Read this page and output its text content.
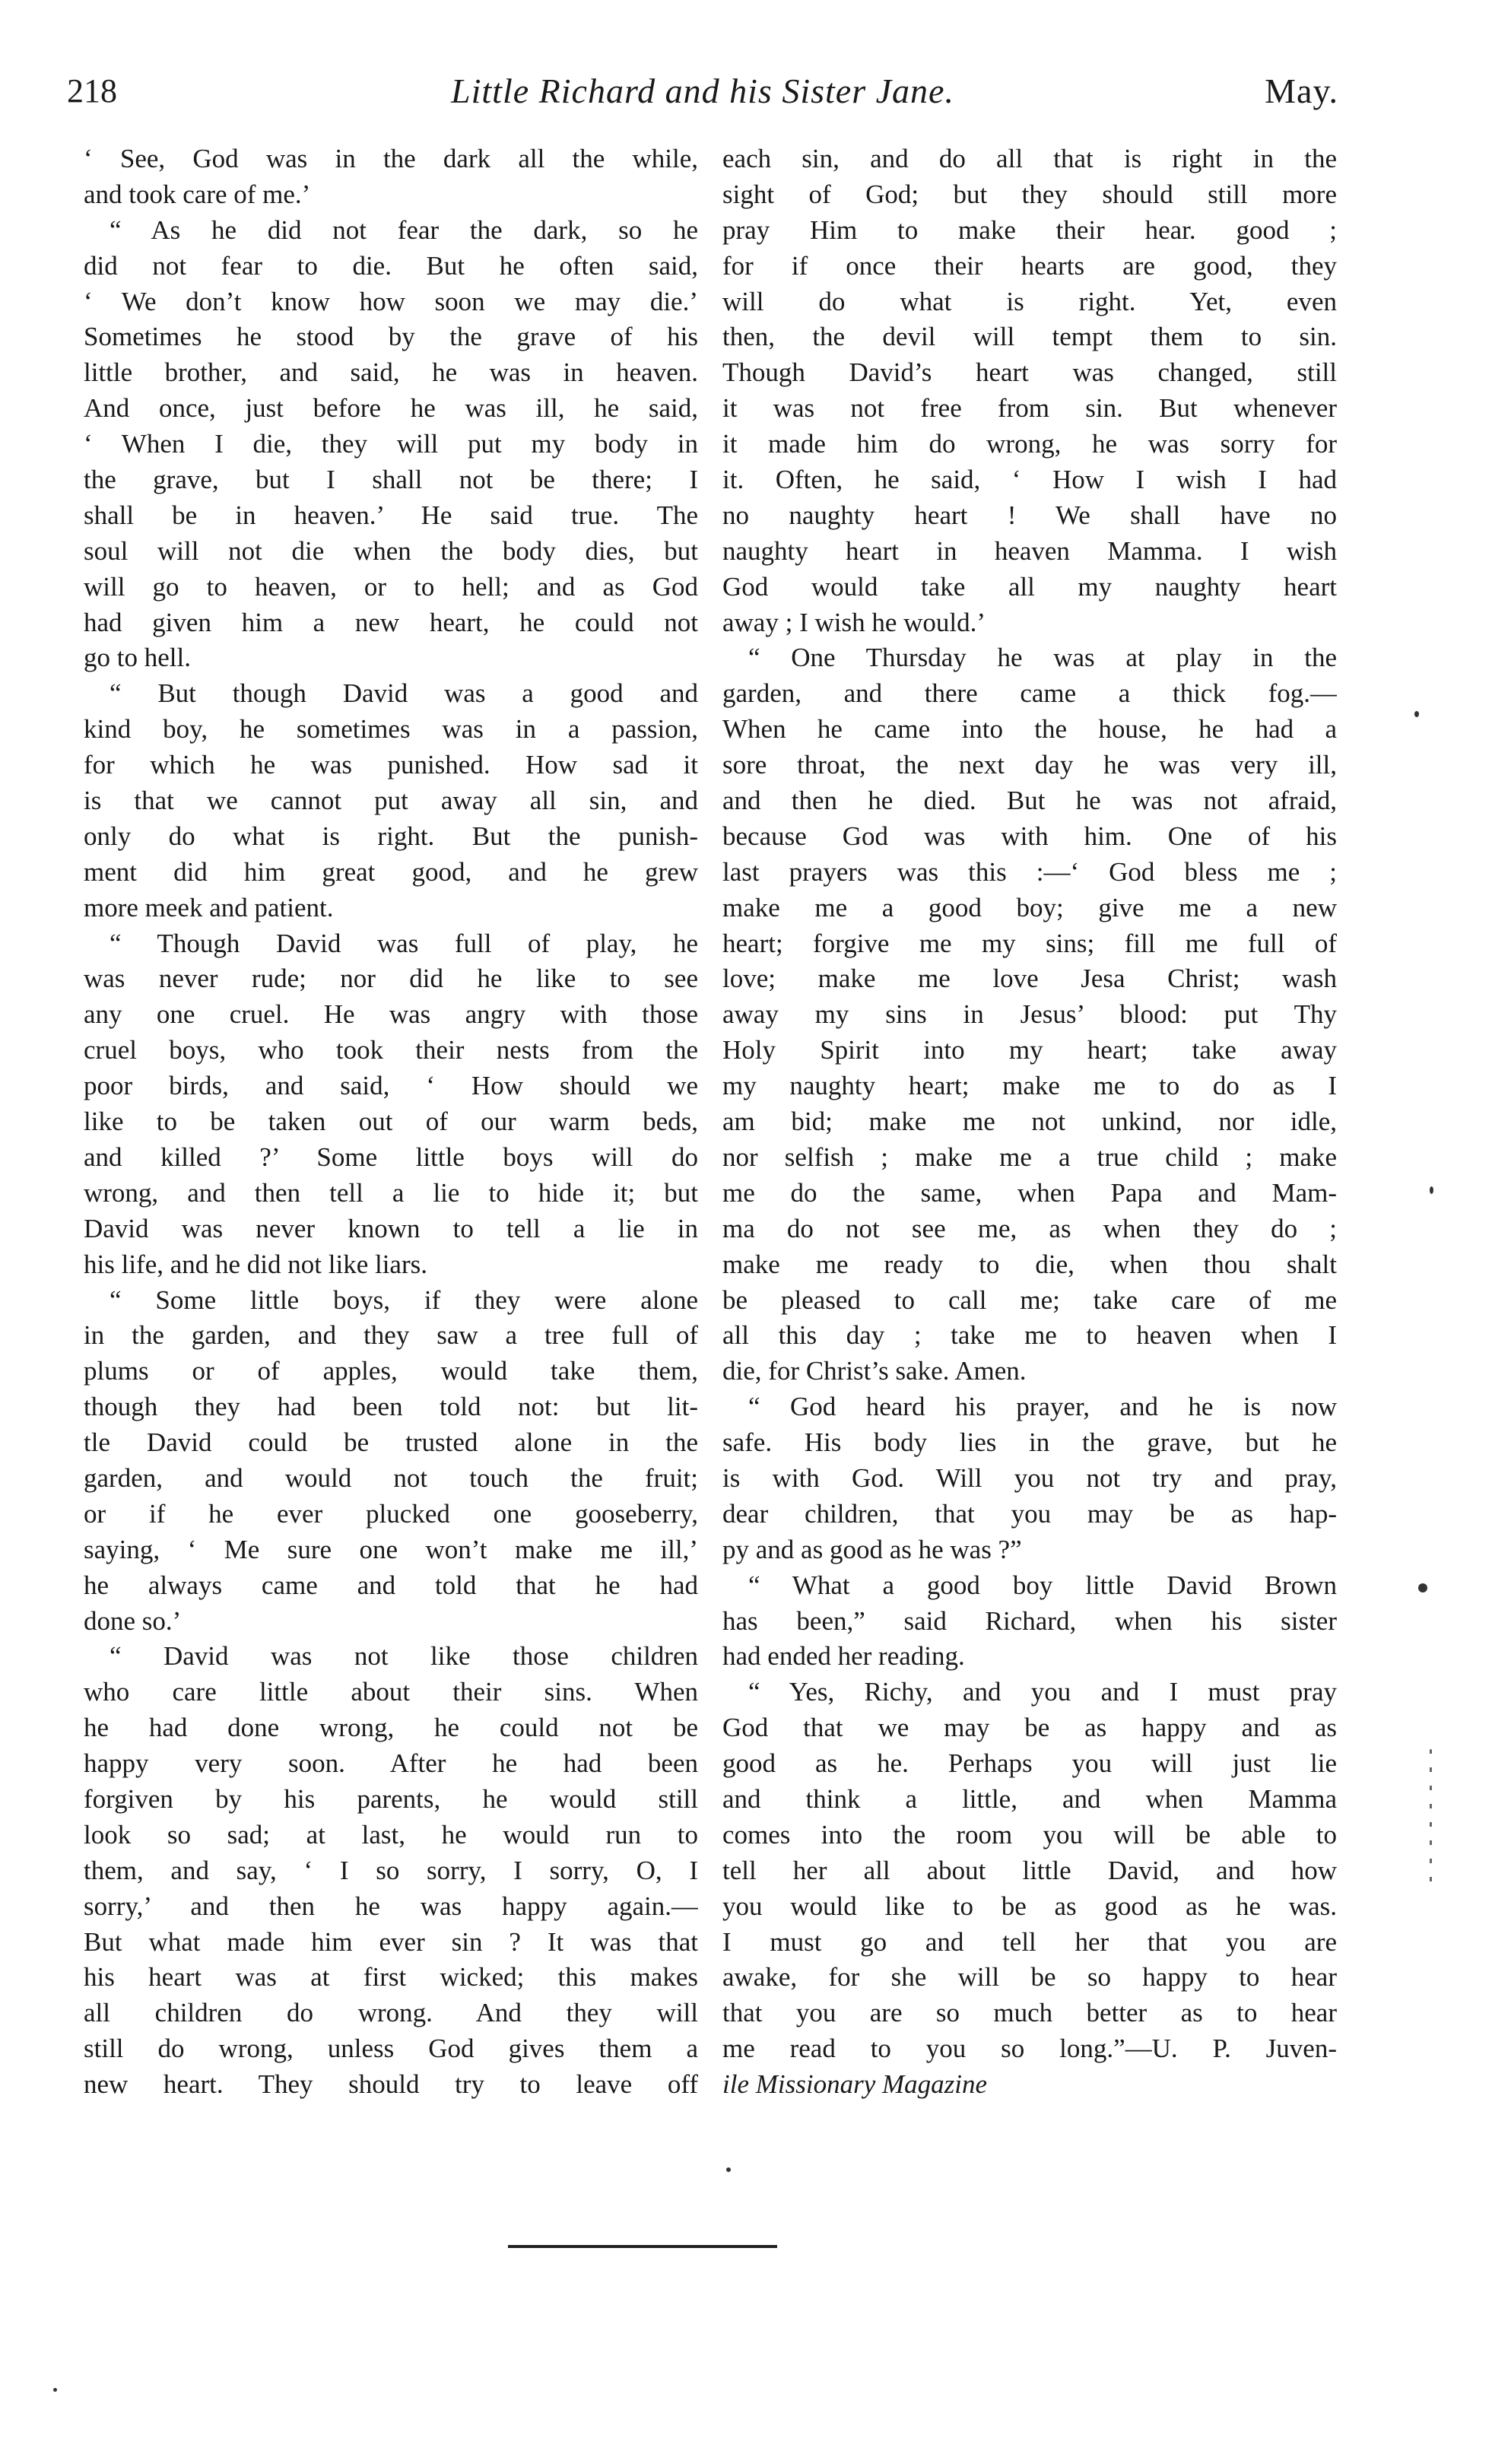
218	Little Richard and his Sister Jane.	May.
‘ See, God was in the dark all the while,
and took care of me.’
“ As he did not fear the dark, so he
did not fear to die. But he often said,
‘ We don’t know how soon we may die.’
Sometimes he stood by the grave of his
little brother, and said, he was in heaven.
And once, just before he was ill, he said,
‘ When I die, they will put my body in
the grave, but I shall not be there; I
shall be in heaven.’ He said true. The
soul will not die when the body dies, but
will go to heaven, or to hell; and as God
had given him a new heart, he could not
go to hell.
“ But though David was a good and
kind boy, he sometimes was in a passion,
for which he was punished. How sad it
is that we cannot put away all sin, and
only do what is right. But the punish-
ment did him great good, and he grew
more meek and patient.
“ Though David was full of play, he
was never rude; nor did he like to see
any one cruel. He was angry with those
cruel boys, who took their nests from the
poor birds, and said, ‘ How should we
like to be taken out of our warm beds,
and killed ?’ Some little boys will do
wrong, and then tell a lie to hide it; but
David was never known to tell a lie in
his life, and he did not like liars.
“ Some little boys, if they were alone
in the garden, and they saw a tree full of
plums or of apples, would take them,
though they had been told not: but lit-
tle David could be trusted alone in the
garden, and would not touch the fruit;
or if he ever plucked one gooseberry,
saying, ‘ Me sure one won’t make me ill,’
he always came and told that he had
done so.’
“ David was not like those children
who care little about their sins. When
he had done wrong, he could not be
happy very soon. After he had been
forgiven by his parents, he would still
look so sad; at last, he would run to
them, and say, ‘ I so sorry, I sorry, O, I
sorry,’ and then he was happy again.—
But what made him ever sin ? It was that
his heart was at first wicked; this makes
all children do wrong. And they will
still do wrong, unless God gives them a
new heart. They should try to leave off
each sin, and do all that is right in the
sight of God; but they should still more
pray Him to make their hear. good ;
for if once their hearts are good, they
will do what is right. Yet, even
then, the devil will tempt them to sin.
Though David’s heart was changed, still
it was not free from sin. But whenever
it made him do wrong, he was sorry for
it. Often, he said, ‘ How I wish I had
no naughty heart ! We shall have no
naughty heart in heaven Mamma. I wish
God would take all my naughty heart
away ; I wish he would.’
“ One Thursday he was at play in the
garden, and there came a thick fog.—
When he came into the house, he had a
sore throat, the next day he was very ill,
and then he died. But he was not afraid,
because God was with him. One of his
last prayers was this :—‘ God bless me ;
make me a good boy; give me a new
heart; forgive me my sins; fill me full of
love; make me love Jesa Christ; wash
away my sins in Jesus’ blood: put Thy
Holy Spirit into my heart; take away
my naughty heart; make me to do as I
am bid; make me not unkind, nor idle,
nor selfish ; make me a true child ; make
me do the same, when Papa and Mam-
ma do not see me, as when they do ;
make me ready to die, when thou shalt
be pleased to call me; take care of me
all this day ; take me to heaven when I
die, for Christ’s sake. Amen.
“ God heard his prayer, and he is now
safe. His body lies in the grave, but he
is with God. Will you not try and pray,
dear children, that you may be as hap-
py and as good as he was ?”
“ What a good boy little David Brown
has been,” said Richard, when his sister
had ended her reading.
“ Yes, Richy, and you and I must pray
God that we may be as happy and as
good as he. Perhaps you will just lie
and think a little, and when Mamma
comes into the room you will be able to
tell her all about little David, and how
you would like to be as good as he was.
I must go and tell her that you are
awake, for she will be so happy to hear
that you are so much better as to hear
me read to you so long.”—U. P. Juven-
ile Missionary Magazine
